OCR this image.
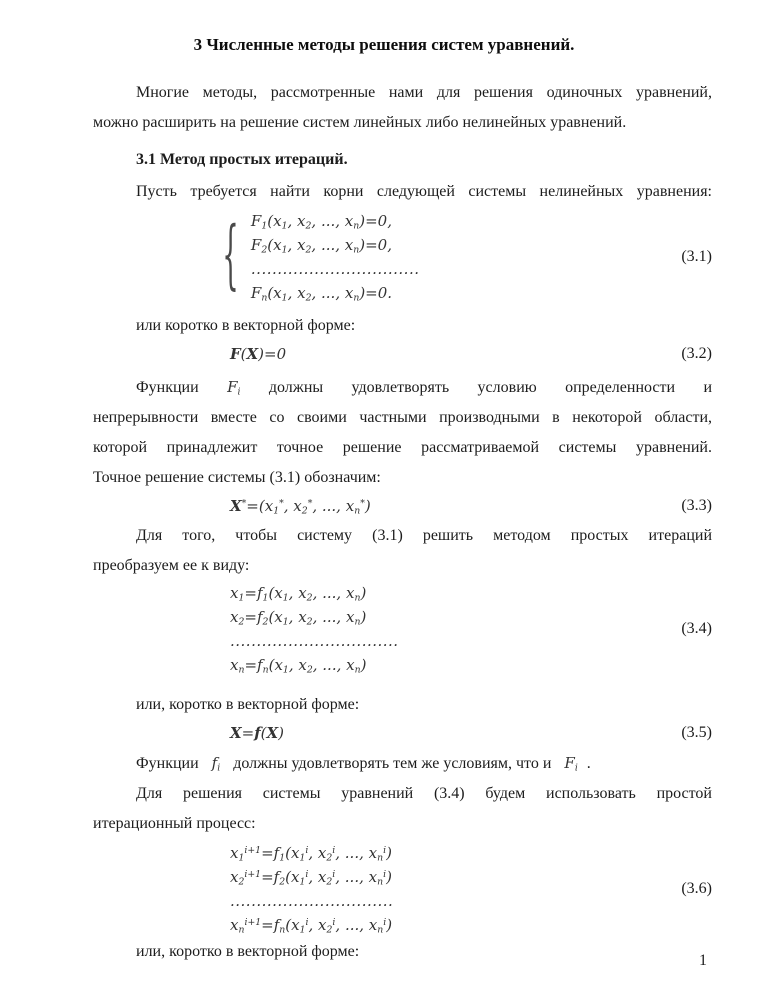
3 Численные методы решения систем уравнений.

Многие методы, рассмотренные нами для решения одиночных уравнений,

можно расширить на решение систем линейных либо нелинейных уравнений.

3.1 Метод простых итераций.

Пусть требуется найти корни следующей системы нелинейных уравнения:

{ $F_1(x_1$, $x_2$, ..., $x_n)=0$,
$F_2(x_1$, $x_2$, ..., $x_n)=0$,
................................
$F_n(x_1$, $x_2$, ..., $x_n)=0$.
(3.1)

или коротко в векторной форме:

F(X)=0	(3.2)
Функции $F_i$ должны удовлетворять условию определенности и

непрерывности вместе со своими частными производными в некоторой области,

которой принадлежит точное решение рассматриваемой системы уравнений.

Точное решение системы (3.1) обозначим:

$X^*=(x_1^*$, $x_2^*$, ..., $x_n^*$)	(3.3)

Для того, чтобы систему (3.1) решить методом простых итераций

преобразуем ее к виду:

$x_1=f_1(x_1$, $x_2$, ..., $x_n$)
$x_2=f_2(x_1$, $x_2$, ..., $x_n$)
................................
$x_n=f_n(x_1$, $x_2$, ..., $x_n$)
(3.4)

или, коротко в векторной форме:

X=f(X)	(3.5)
Функции $f_i$ должны удовлетворять тем же условиям, что и $F_i$ .

Для решения системы уравнений (3.4) будем использовать простой

итерационный процесс:

$x_1^{i+1}=f_1(x_1^i$, $x_2^i$, ..., $x_n^i$)
$x_2^{i+1}=f_2(x_1^i$, $x_2^i$, ..., $x_n^i$)
...............................
$x_n^{i+1}=f_n(x_1^i$, $x_2^i$, ..., $x_n^i$)
(3.6)

или, коротко в векторной форме:

1
